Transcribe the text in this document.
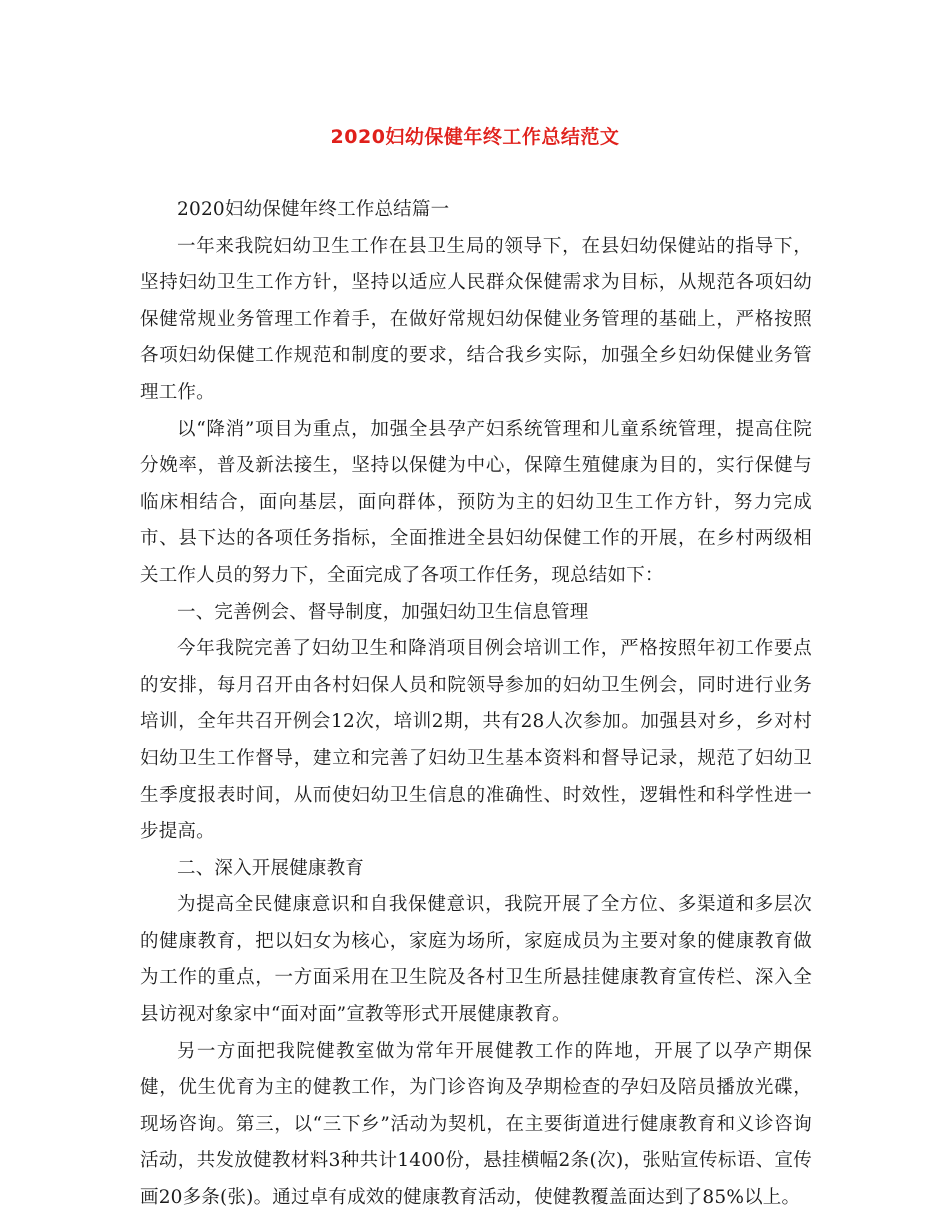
2020妇幼保健年终工作总结范文

2020妇幼保健年终工作总结篇一

一年来我院妇幼卫生工作在县卫生局的领导下，在县妇幼保健站的指导下，坚持妇幼卫生工作方针，坚持以适应人民群众保健需求为目标，从规范各项妇幼保健常规业务管理工作着手，在做好常规妇幼保健业务管理的基础上，严格按照各项妇幼保健工作规范和制度的要求，结合我乡实际，加强全乡妇幼保健业务管理工作。

以“降消”项目为重点，加强全县孕产妇系统管理和儿童系统管理，提高住院分娩率，普及新法接生，坚持以保健为中心，保障生殖健康为目的，实行保健与临床相结合，面向基层，面向群体，预防为主的妇幼卫生工作方针，努力完成市、县下达的各项任务指标，全面推进全县妇幼保健工作的开展，在乡村两级相关工作人员的努力下，全面完成了各项工作任务，现总结如下：

一、完善例会、督导制度，加强妇幼卫生信息管理

今年我院完善了妇幼卫生和降消项目例会培训工作，严格按照年初工作要点的安排，每月召开由各村妇保人员和院领导参加的妇幼卫生例会，同时进行业务培训，全年共召开例会12次，培训2期，共有28人次参加。加强县对乡，乡对村妇幼卫生工作督导，建立和完善了妇幼卫生基本资料和督导记录，规范了妇幼卫生季度报表时间，从而使妇幼卫生信息的准确性、时效性，逻辑性和科学性进一步提高。

二、深入开展健康教育

为提高全民健康意识和自我保健意识，我院开展了全方位、多渠道和多层次的健康教育，把以妇女为核心，家庭为场所，家庭成员为主要对象的健康教育做为工作的重点，一方面采用在卫生院及各村卫生所悬挂健康教育宣传栏、深入全县访视对象家中“面对面”宣教等形式开展健康教育。

另一方面把我院健教室做为常年开展健教工作的阵地，开展了以孕产期保健，优生优育为主的健教工作，为门诊咨询及孕期检查的孕妇及陪员播放光碟，现场咨询。第三，以“三下乡”活动为契机，在主要街道进行健康教育和义诊咨询活动，共发放健教材料3种共计1400份，悬挂横幅2条(次)，张贴宣传标语、宣传画20多条(张)。通过卓有成效的健康教育活动，使健教覆盖面达到了85%以上。
